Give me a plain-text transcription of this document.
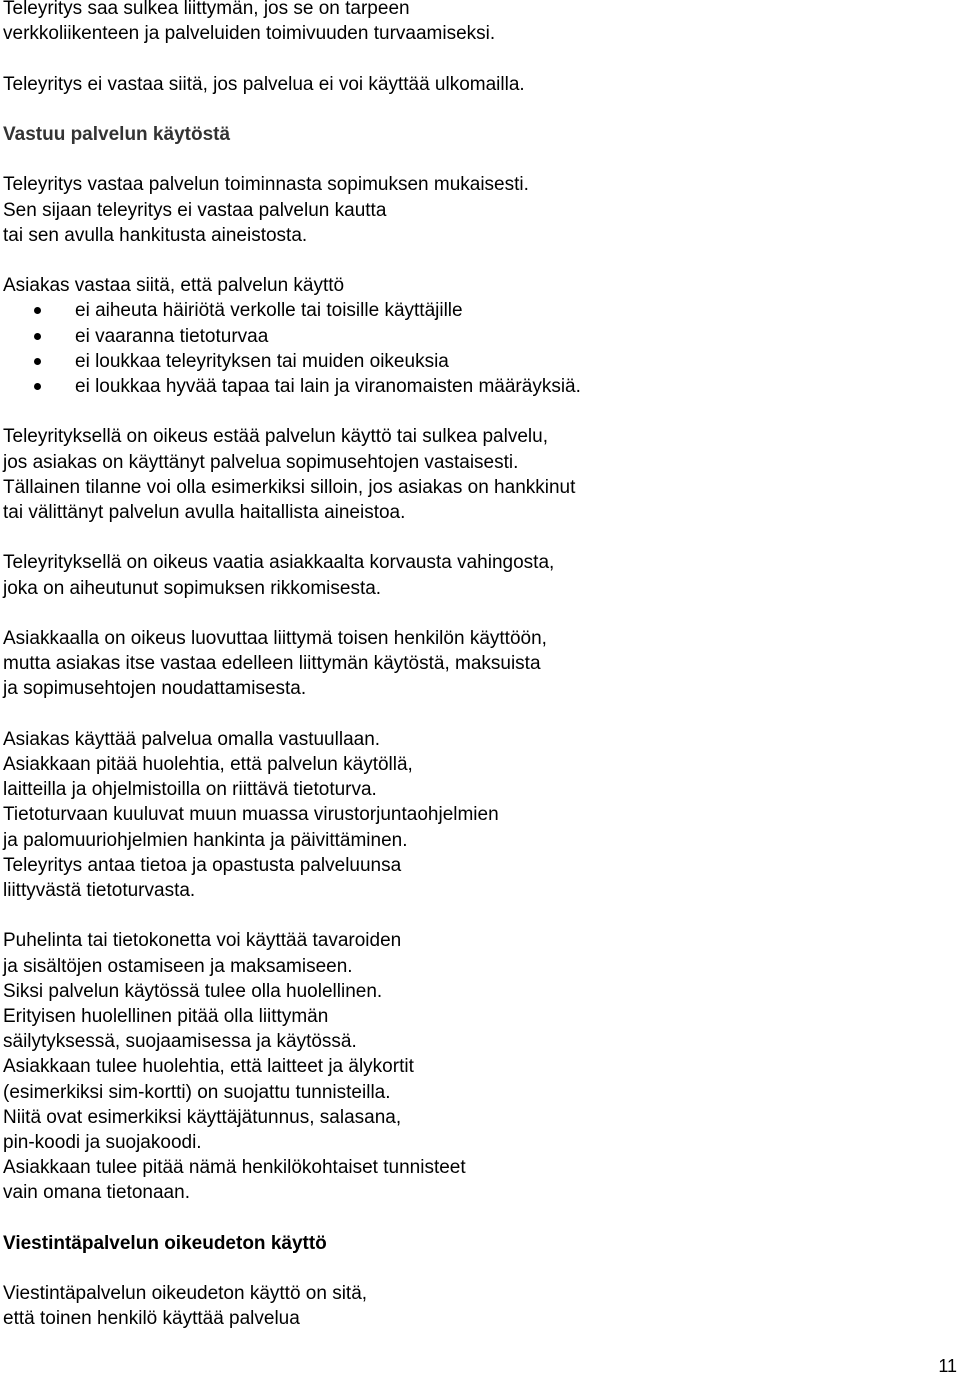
Teleyritys saa sulkea liittymän, jos se on tarpeen
verkkoliikenteen ja palveluiden toimivuuden turvaamiseksi.

Teleyritys ei vastaa siitä, jos palvelua ei voi käyttää ulkomailla.

Vastuu palvelun käytöstä

Teleyritys vastaa palvelun toiminnasta sopimuksen mukaisesti.
Sen sijaan teleyritys ei vastaa palvelun kautta
tai sen avulla hankitusta aineistosta.

Asiakas vastaa siitä, että palvelun käyttö

ei aiheuta häiriötä verkolle tai toisille käyttäjille
ei vaaranna tietoturvaa
ei loukkaa teleyrityksen tai muiden oikeuksia
ei loukkaa hyvää tapaa tai lain ja viranomaisten määräyksiä.

Teleyrityksellä on oikeus estää palvelun käyttö tai sulkea palvelu,
jos asiakas on käyttänyt palvelua sopimusehtojen vastaisesti.
Tällainen tilanne voi olla esimerkiksi silloin, jos asiakas on hankkinut
tai välittänyt palvelun avulla haitallista aineistoa.

Teleyrityksellä on oikeus vaatia asiakkaalta korvausta vahingosta,
joka on aiheutunut sopimuksen rikkomisesta.

Asiakkaalla on oikeus luovuttaa liittymä toisen henkilön käyttöön,
mutta asiakas itse vastaa edelleen liittymän käytöstä, maksuista
ja sopimusehtojen noudattamisesta.

Asiakas käyttää palvelua omalla vastuullaan.
Asiakkaan pitää huolehtia, että palvelun käytöllä,
laitteilla ja ohjelmistoilla on riittävä tietoturva.
Tietoturvaan kuuluvat muun muassa virustorjuntaohjelmien
ja palomuuriohjelmien hankinta ja päivittäminen.
Teleyritys antaa tietoa ja opastusta palveluunsa
liittyvästä tietoturvasta.

Puhelinta tai tietokonetta voi käyttää tavaroiden
ja sisältöjen ostamiseen ja maksamiseen.
Siksi palvelun käytössä tulee olla huolellinen.
Erityisen huolellinen pitää olla liittymän
säilytyksessä, suojaamisessa ja käytössä.
Asiakkaan tulee huolehtia, että laitteet ja älykortit
(esimerkiksi sim-kortti) on suojattu tunnisteilla.
Niitä ovat esimerkiksi käyttäjätunnus, salasana,
pin-koodi ja suojakoodi.
Asiakkaan tulee pitää nämä henkilökohtaiset tunnisteet
vain omana tietonaan.

Viestintäpalvelun oikeudeton käyttö

Viestintäpalvelun oikeudeton käyttö on sitä,
että toinen henkilö käyttää palvelua

11
